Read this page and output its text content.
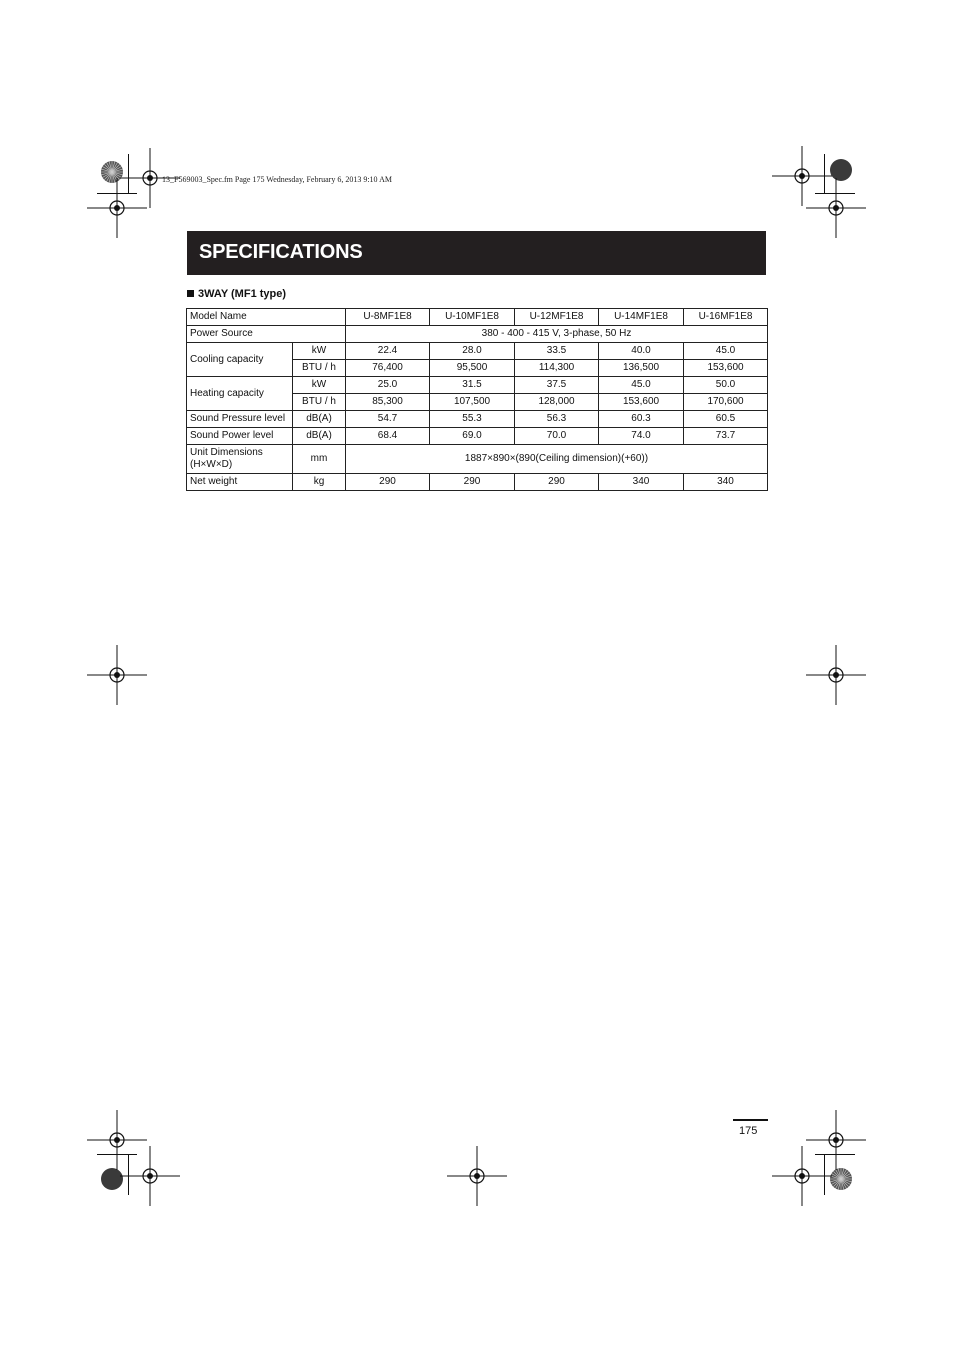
13_F569003_Spec.fm Page 175 Wednesday, February 6, 2013 9:10 AM
SPECIFICATIONS
3WAY (MF1 type)
Model Name		U-8MF1E8	U-10MF1E8	U-12MF1E8	U-14MF1E8	U-16MF1E8
Power Source		380 - 400 - 415 V, 3-phase, 50 Hz				
Cooling capacity	kW	22.4	28.0	33.5	40.0	45.0
	BTU / h	76,400	95,500	114,300	136,500	153,600
Heating capacity	kW	25.0	31.5	37.5	45.0	50.0
	BTU / h	85,300	107,500	128,000	153,600	170,600
Sound Pressure level	dB(A)	54.7	55.3	56.3	60.3	60.5
Sound Power level	dB(A)	68.4	69.0	70.0	74.0	73.7
Unit Dimensions
(H×W×D)	mm	1887×890×(890(Ceiling dimension)(+60))				
Net weight	kg	290	290	290	340	340
175
